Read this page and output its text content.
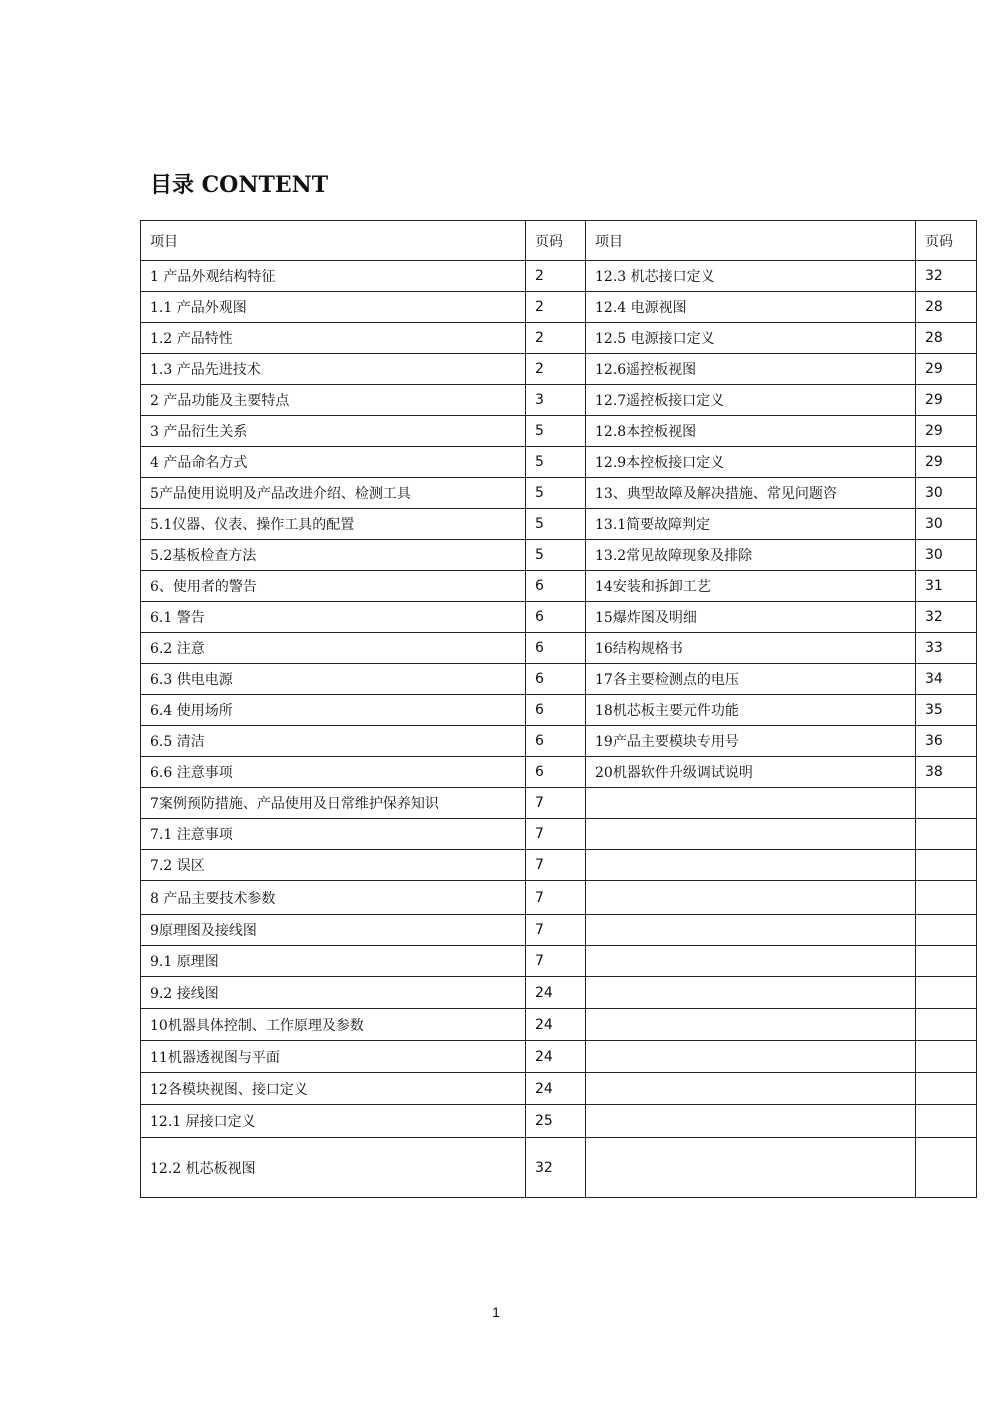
目录 CONTENT
项目	页码	项目	页码
1 产品外观结构特征	2	12.3 机芯接口定义	32
1.1 产品外观图	2	12.4 电源视图	28
1.2 产品特性	2	12.5 电源接口定义	28
1.3 产品先进技术	2	12.6遥控板视图	29
2 产品功能及主要特点	3	12.7遥控板接口定义	29
3 产品衍生关系	5	12.8本控板视图	29
4 产品命名方式	5	12.9本控板接口定义	29
5产品使用说明及产品改进介绍、检测工具	5	13、典型故障及解决措施、常见问题咨	30
5.1仪器、仪表、操作工具的配置	5	13.1简要故障判定	30
5.2基板检查方法	5	13.2常见故障现象及排除	30
6、使用者的警告	6	14安装和拆卸工艺	31
6.1 警告	6	15爆炸图及明细	32
6.2 注意	6	16结构规格书	33
6.3 供电电源	6	17各主要检测点的电压	34
6.4 使用场所	6	18机芯板主要元件功能	35
6.5 清洁	6	19产品主要模块专用号	36
6.6 注意事项	6	20机器软件升级调试说明	38
7案例预防措施、产品使用及日常维护保养知识	7		
7.1 注意事项	7		
7.2 误区	7		
8 产品主要技术参数	7		
9原理图及接线图	7		
9.1 原理图	7		
9.2 接线图	24		
10机器具体控制、工作原理及参数	24		
11机器透视图与平面	24		
12各模块视图、接口定义	24		
12.1 屏接口定义	25		
12.2 机芯板视图	32		
1
